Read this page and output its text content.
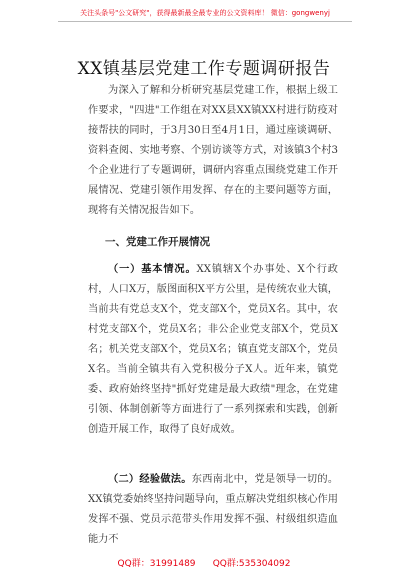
关注头条号"公文研究"，获得最新最全最专业的公文资料库！ 微信：gongwenyj
XX镇基层党建工作专题调研报告
为深入了解和分析研究基层党建工作，根据上级工作要求，"四进"工作组在对XX县XX镇XX村进行防疫对接帮扶的同时，于3月30日至4月1日，通过座谈调研、资料查阅、实地考察、个别访谈等方式，对该镇3个村3个企业进行了专题调研，调研内容重点围绕党建工作开展情况、党建引领作用发挥、存在的主要问题等方面，现将有关情况报告如下。
一、党建工作开展情况
（一）基本情况。XX镇辖X个办事处、X个行政村，人口X万，版图面积X平方公里，是传统农业大镇，当前共有党总支X个，党支部X个，党员X名。其中，农村党支部X个，党员X名；非公企业党支部X个，党员X名；机关党支部X个，党员X名；镇直党支部X个，党员X名。当前全镇共有入党积极分子X人。近年来，镇党委、政府始终坚持"抓好党建是最大政绩"理念，在党建引领、体制创新等方面进行了一系列探索和实践，创新创造开展工作，取得了良好成效。
（二）经验做法。东西南北中，党是领导一切的。XX镇党委始终坚持问题导向，重点解决党组织核心作用发挥不强、党员示范带头作用发挥不强、村级组织造血能力不
QQ群：31991489 QQ群:535304092
